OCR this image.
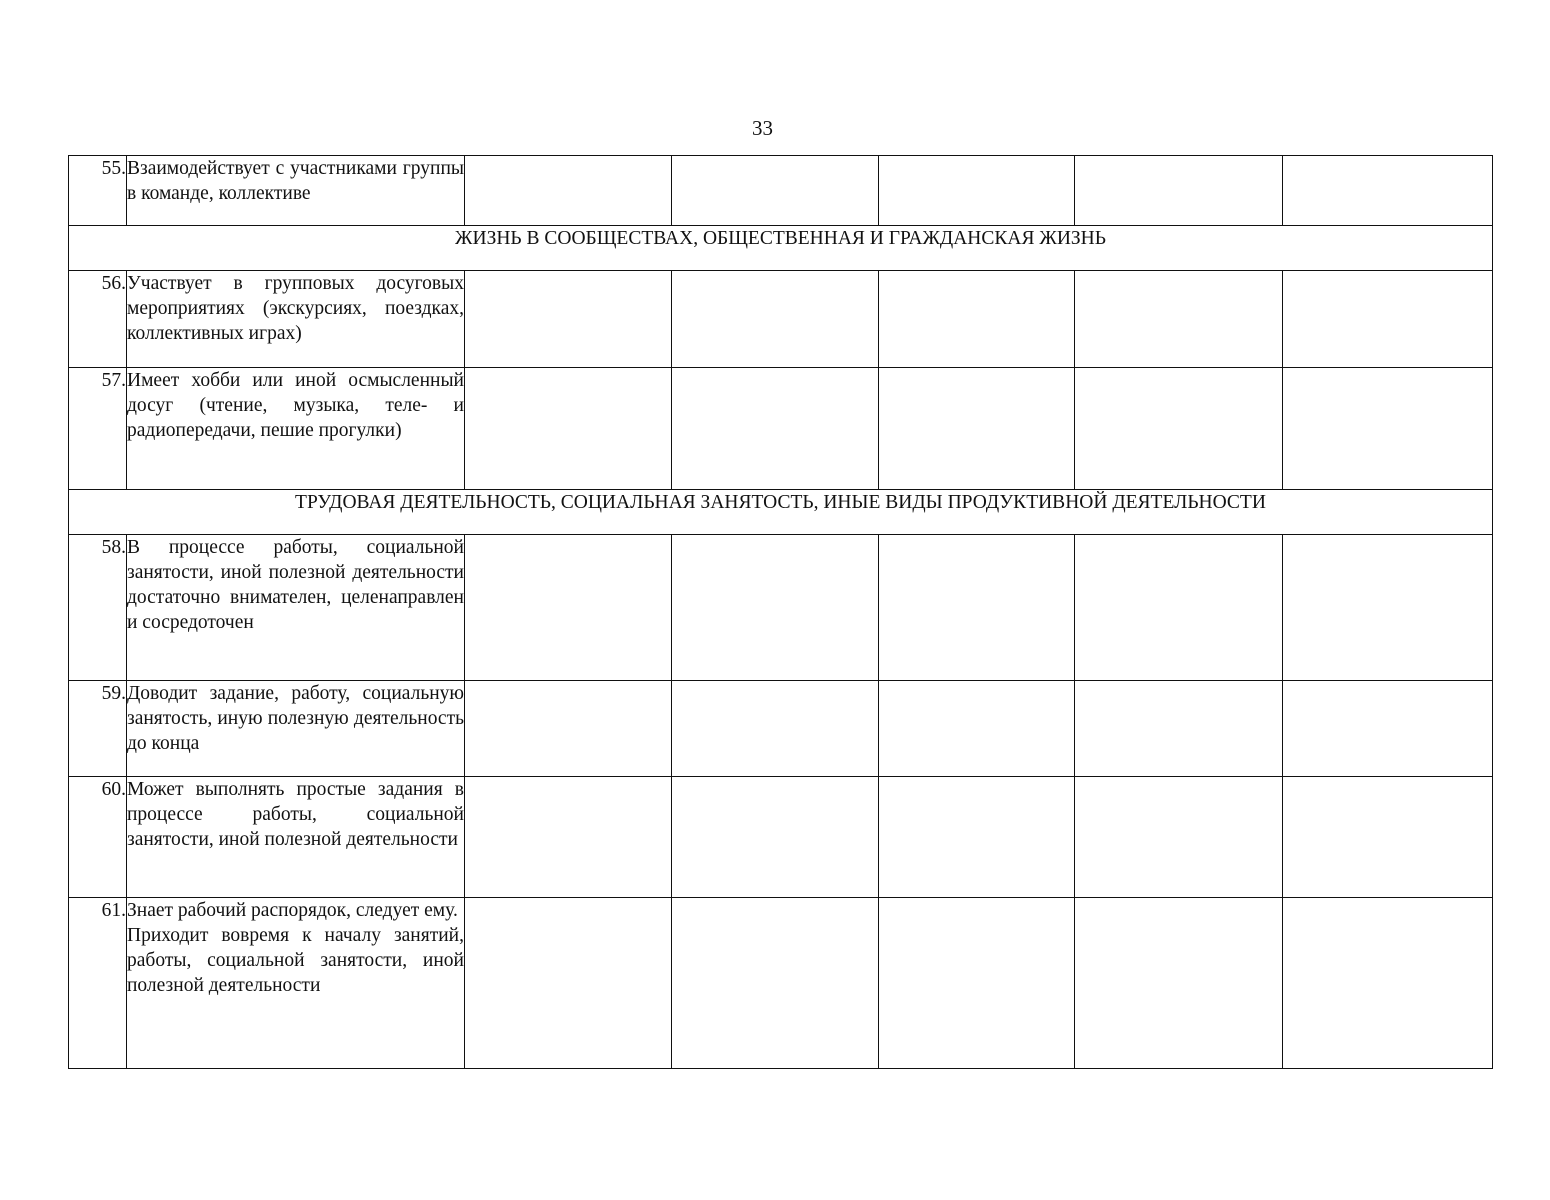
33
55.	Взаимодействует с участниками группы в команде, коллективе					
ЖИЗНЬ В СООБЩЕСТВАХ, ОБЩЕСТВЕННАЯ И ГРАЖДАНСКАЯ ЖИЗНЬ						
56.	Участвует в групповых досуговых мероприятиях (экскурсиях, поездках, коллективных играх)					
57.	Имеет хобби или иной осмысленный досуг (чтение, музыка, теле- и радиопередачи, пешие прогулки)					
ТРУДОВАЯ ДЕЯТЕЛЬНОСТЬ, СОЦИАЛЬНАЯ ЗАНЯТОСТЬ, ИНЫЕ ВИДЫ ПРОДУКТИВНОЙ ДЕЯТЕЛЬНОСТИ						
58.	В процессе работы, социальной занятости, иной полезной деятельности достаточно внимателен, целенаправлен и сосредоточен					
59.	Доводит задание, работу, социальную занятость, иную полезную деятельность до конца					
60.	Может выполнять простые задания в процессе работы, социальной занятости, иной полезной деятельности					
61.	Знает рабочий распорядок, следует ему.
Приходит вовремя к началу занятий, работы, социальной занятости, иной полезной деятельности					
